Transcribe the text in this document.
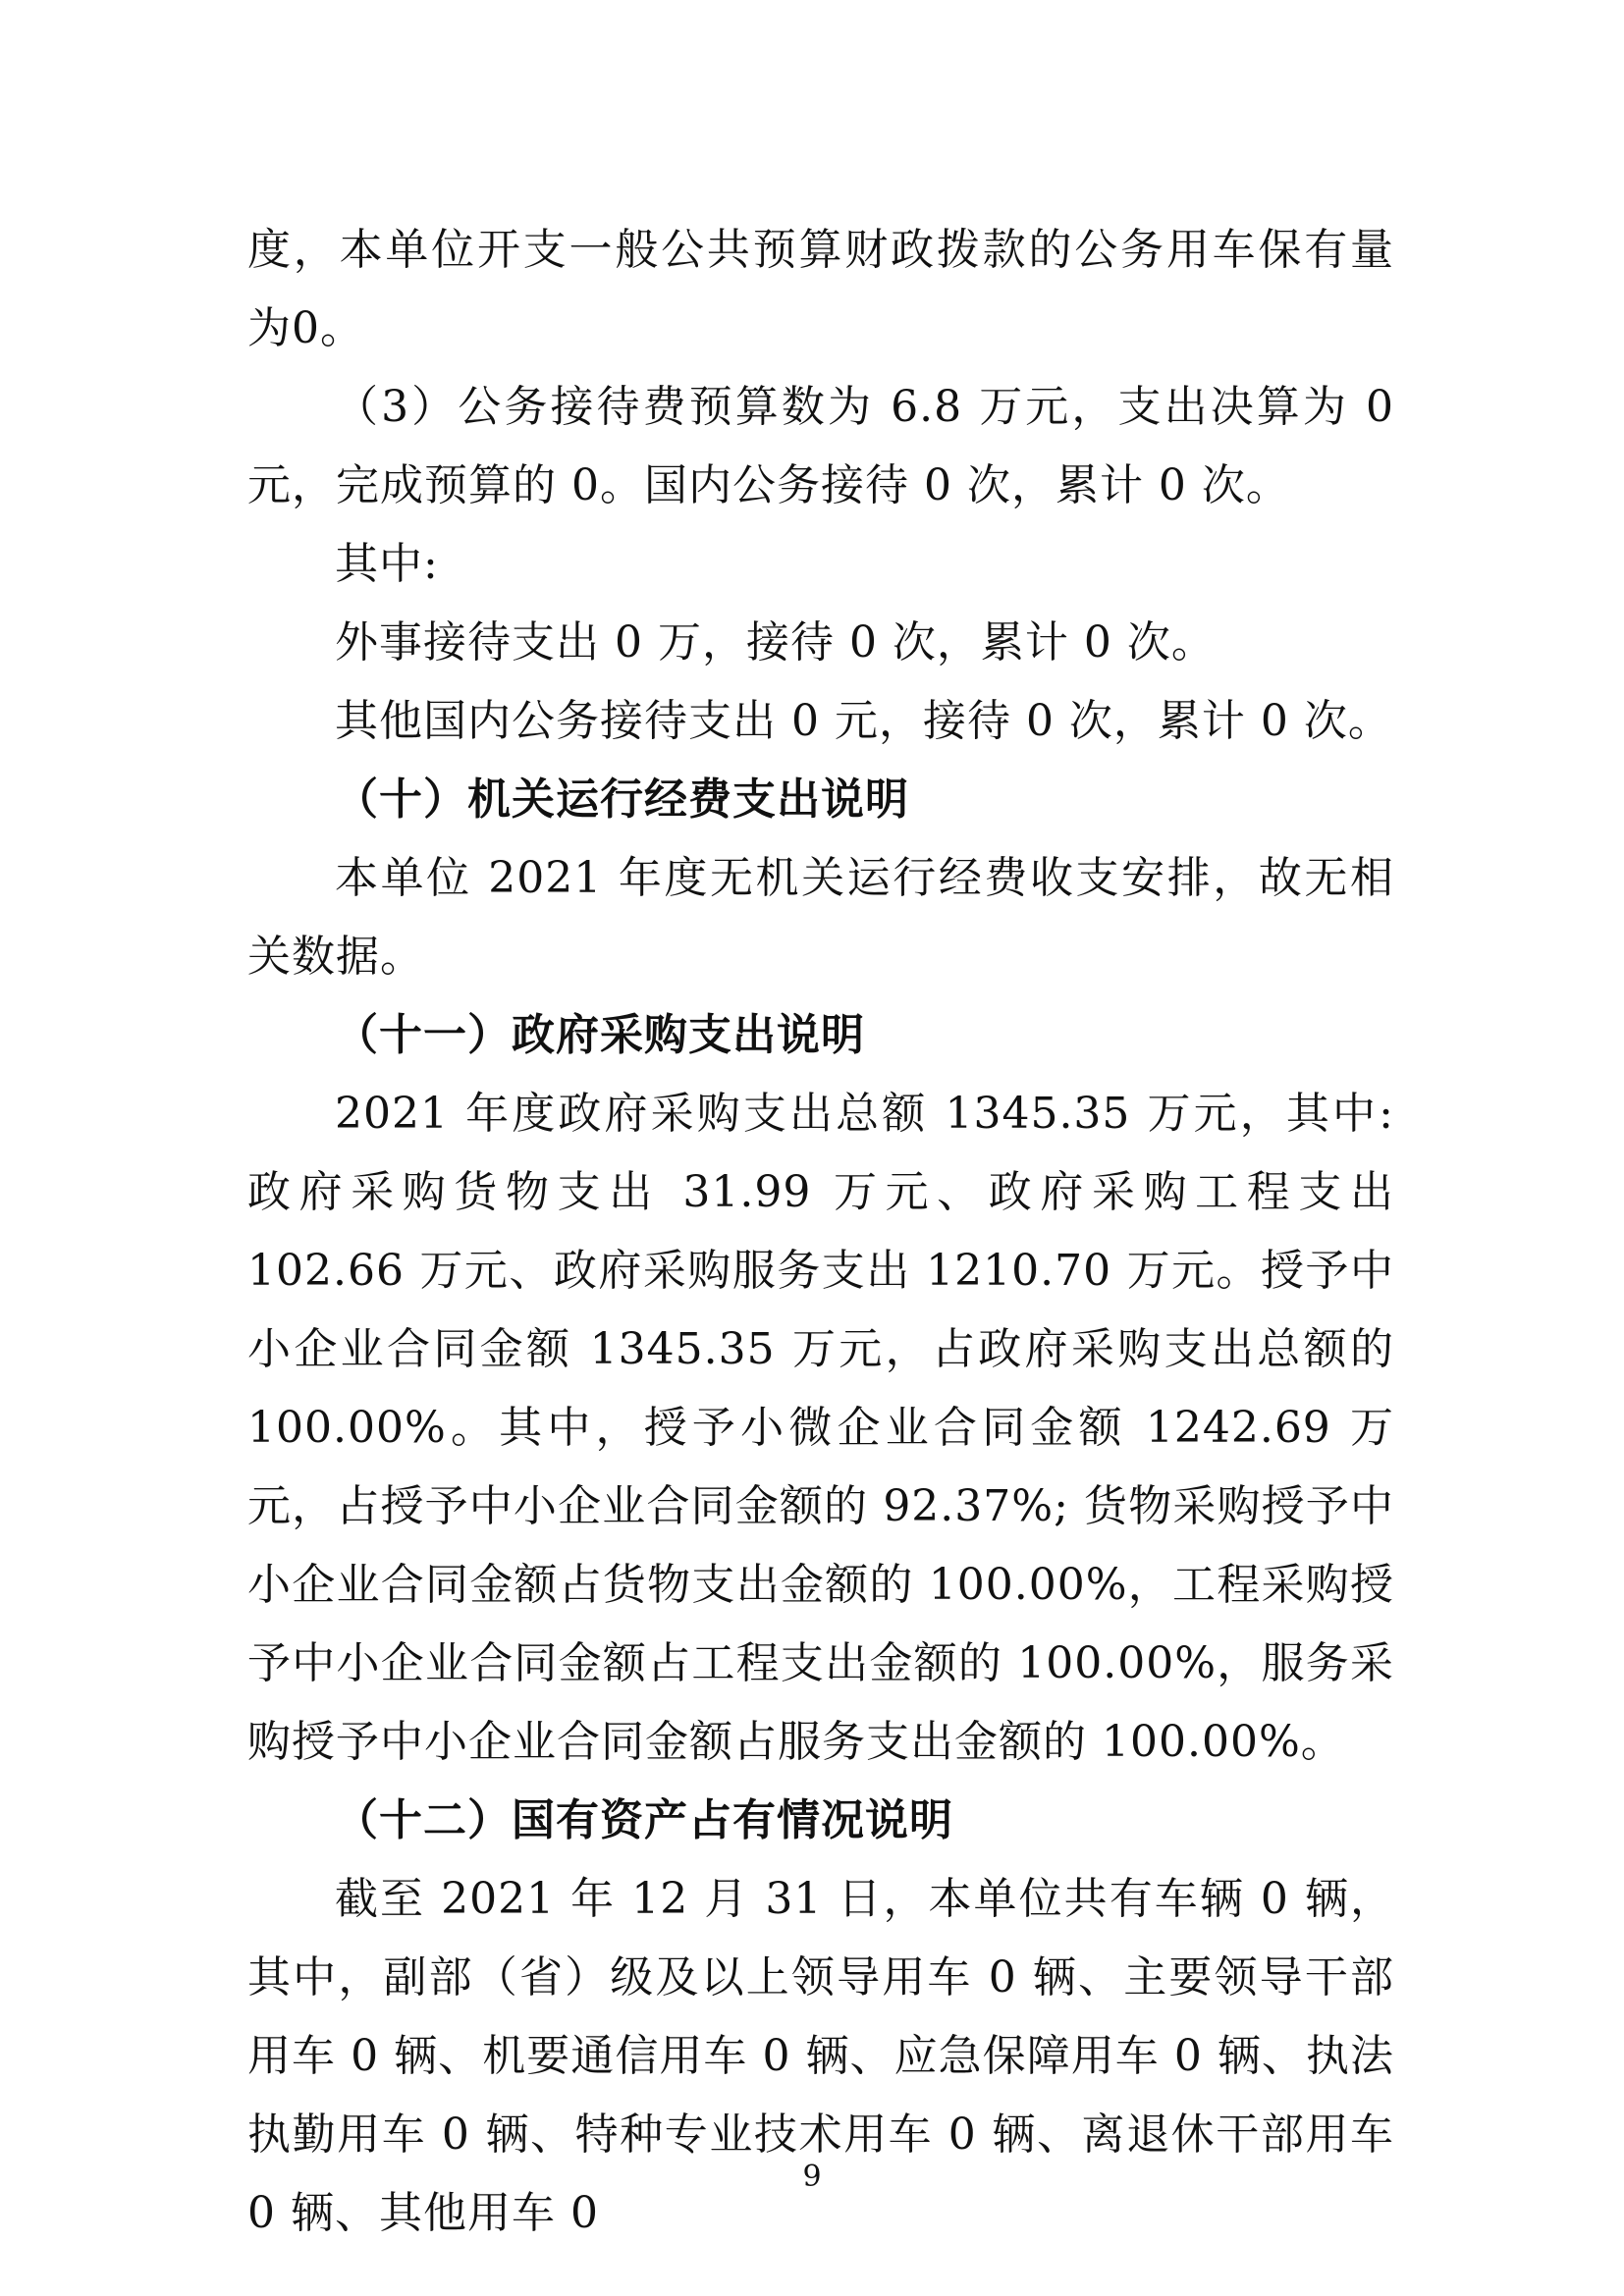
度，本单位开支一般公共预算财政拨款的公务用车保有量为0。

（3）公务接待费预算数为 6.8 万元，支出决算为 0 元，完成预算的 0。国内公务接待 0 次，累计 0 次。

其中:

外事接待支出 0 万，接待 0 次，累计 0 次。

其他国内公务接待支出 0 元，接待 0 次，累计 0 次。

（十）机关运行经费支出说明

本单位 2021 年度无机关运行经费收支安排，故无相关数据。

（十一）政府采购支出说明

2021 年度政府采购支出总额 1345.35 万元，其中: 政府采购货物支出 31.99 万元、政府采购工程支出 102.66 万元、政府采购服务支出 1210.70 万元。授予中小企业合同金额 1345.35 万元，占政府采购支出总额的 100.00%。其中，授予小微企业合同金额 1242.69 万元，占授予中小企业合同金额的 92.37%; 货物采购授予中小企业合同金额占货物支出金额的 100.00%，工程采购授予中小企业合同金额占工程支出金额的 100.00%，服务采购授予中小企业合同金额占服务支出金额的 100.00%。

（十二）国有资产占有情况说明

截至 2021 年 12 月 31 日，本单位共有车辆 0 辆，其中，副部（省）级及以上领导用车 0 辆、主要领导干部用车 0 辆、机要通信用车 0 辆、应急保障用车 0 辆、执法执勤用车 0 辆、特种专业技术用车 0 辆、离退休干部用车 0 辆、其他用车 0

9
